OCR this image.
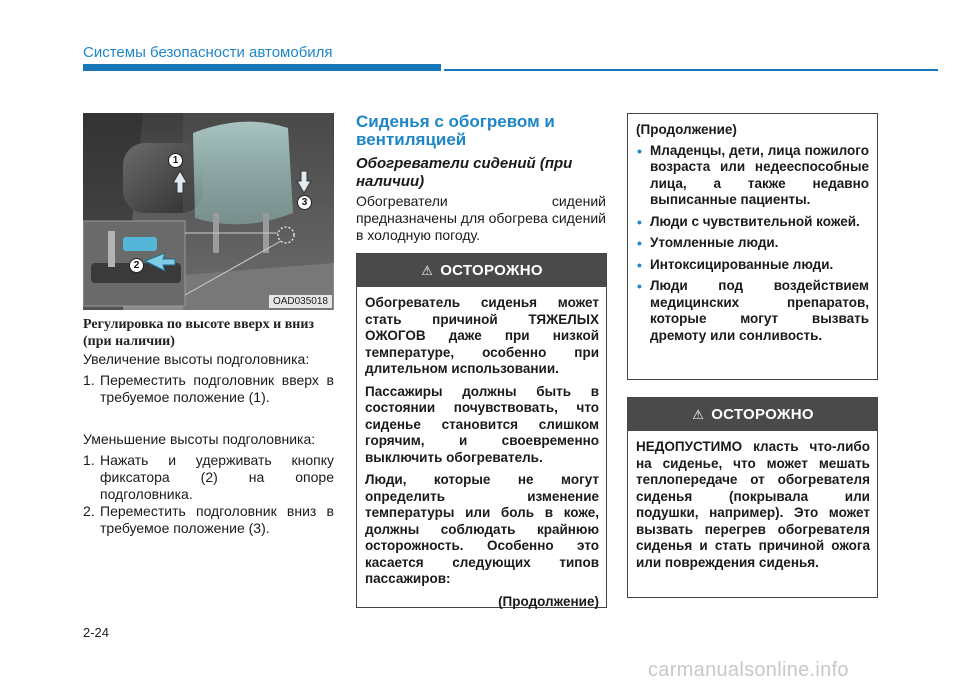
Системы безопасности автомобиля
1
2
3
OAD035018
Регулировка по высоте вверх и вниз (при наличии)
Увеличение высоты подголовника:
1. Переместить подголовник вверх в требуемое положение (1).
Уменьшение высоты подголовника:
1. Нажать и удерживать кнопку фиксатора (2) на опоре подголовника.
2. Переместить подголовник вниз в требуемое положение (3).
Сиденья с обогревом и вентиляцией
Обогреватели сидений (при наличии)
Обогреватели сидений предназначены для обогрева сидений в холодную погоду.
⚠ ОСТОРОЖНО

Обогреватель сиденья может стать причиной ТЯЖЕЛЫХ ОЖОГОВ даже при низкой температуре, особенно при длительном использовании.

Пассажиры должны быть в состоянии почувствовать, что сиденье становится слишком горячим, и своевременно выключить обогреватель.

Люди, которые не могут определить изменение температуры или боль в коже, должны соблюдать крайнюю осторожность. Особенно это касается следующих типов пассажиров:

(Продолжение)

(Продолжение)
• Младенцы, дети, лица пожилого возраста или недееспособные лица, а также недавно выписанные пациенты.
• Люди с чувствительной кожей.
• Утомленные люди.
• Интоксицированные люди.
• Люди под воздействием медицинских препаратов, которые могут вызвать дремоту или сонливость.
⚠ ОСТОРОЖНО

НЕДОПУСТИМО класть что-либо на сиденье, что может мешать теплопередаче от обогревателя сиденья (покрывала или подушки, например). Это может вызвать перегрев обогревателя сиденья и стать причиной ожога или повреждения сиденья.

2-24
carmanualsonline.info
